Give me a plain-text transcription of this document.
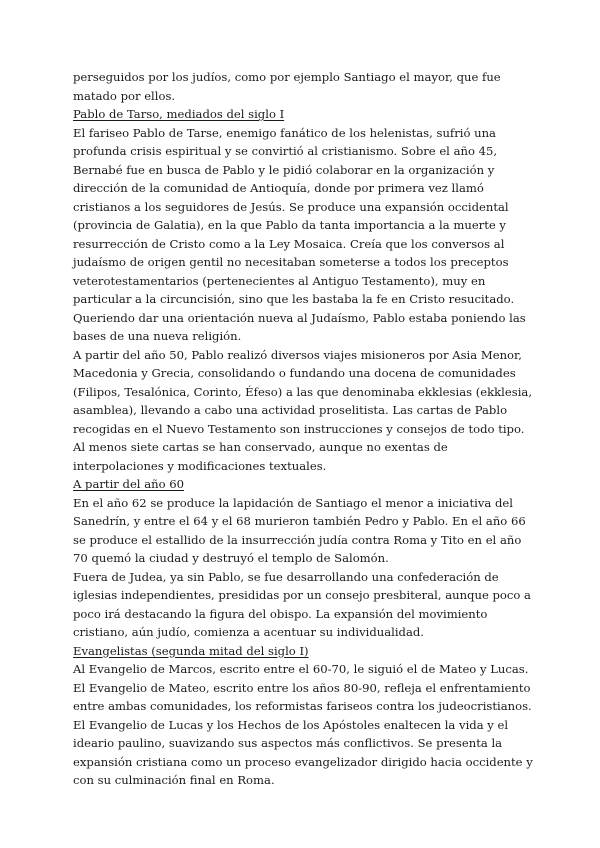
perseguidos por los judíos, como por ejemplo Santiago el mayor, que fue matado por ellos.

Pablo de Tarso, mediados del siglo I

El fariseo Pablo de Tarse, enemigo fanático de los helenistas, sufrió una profunda crisis espiritual y se convirtió al cristianismo. Sobre el año 45, Bernabé fue en busca de Pablo y le pidió colaborar en la organización y dirección de la comunidad de Antioquía, donde por primera vez llamó cristianos a los seguidores de Jesús. Se produce una expansión occidental (provincia de Galatia), en la que Pablo da tanta importancia a la muerte y resurrección de Cristo como a la Ley Mosaica. Creía que los conversos al judaísmo de origen gentil no necesitaban someterse a todos los preceptos veterotestamentarios (pertenecientes al Antiguo Testamento), muy en particular a la circuncisión, sino que les bastaba la fe en Cristo resucitado.

Queriendo dar una orientación nueva al Judaísmo, Pablo estaba poniendo las bases de una nueva religión.

A partir del año 50, Pablo realizó diversos viajes misioneros por Asia Menor, Macedonia y Grecia, consolidando o fundando una docena de comunidades (Filipos, Tesalónica, Corinto, Éfeso) a las que denominaba ekklesias (ekklesia, asamblea), llevando a cabo una actividad proselitista. Las cartas de Pablo recogidas en el Nuevo Testamento son instrucciones y consejos de todo tipo. Al menos siete cartas se han conservado, aunque no exentas de interpolaciones y modificaciones textuales.

A partir del año 60

En el año 62 se produce la lapidación de Santiago el menor a iniciativa del Sanedrín, y entre el 64 y el 68 murieron también Pedro y Pablo. En el año 66 se produce el estallido de la insurrección judía contra Roma y Tito en el año 70 quemó la ciudad y destruyó el templo de Salomón.

Fuera de Judea, ya sin Pablo, se fue desarrollando una confederación de iglesias independientes, presididas por un consejo presbiteral, aunque poco a poco irá destacando la figura del obispo. La expansión del movimiento cristiano, aún judío, comienza a acentuar su individualidad.

Evangelistas (segunda mitad del siglo I)

Al Evangelio de Marcos, escrito entre el 60-70, le siguió el de Mateo y Lucas. El Evangelio de Mateo, escrito entre los años 80-90, refleja el enfrentamiento entre ambas comunidades, los reformistas fariseos contra los judeocristianos.

El Evangelio de Lucas y los Hechos de los Apóstoles enaltecen la vida y el ideario paulino, suavizando sus aspectos más conflictivos. Se presenta la expansión cristiana como un proceso evangelizador dirigido hacia occidente y con su culminación final en Roma.
